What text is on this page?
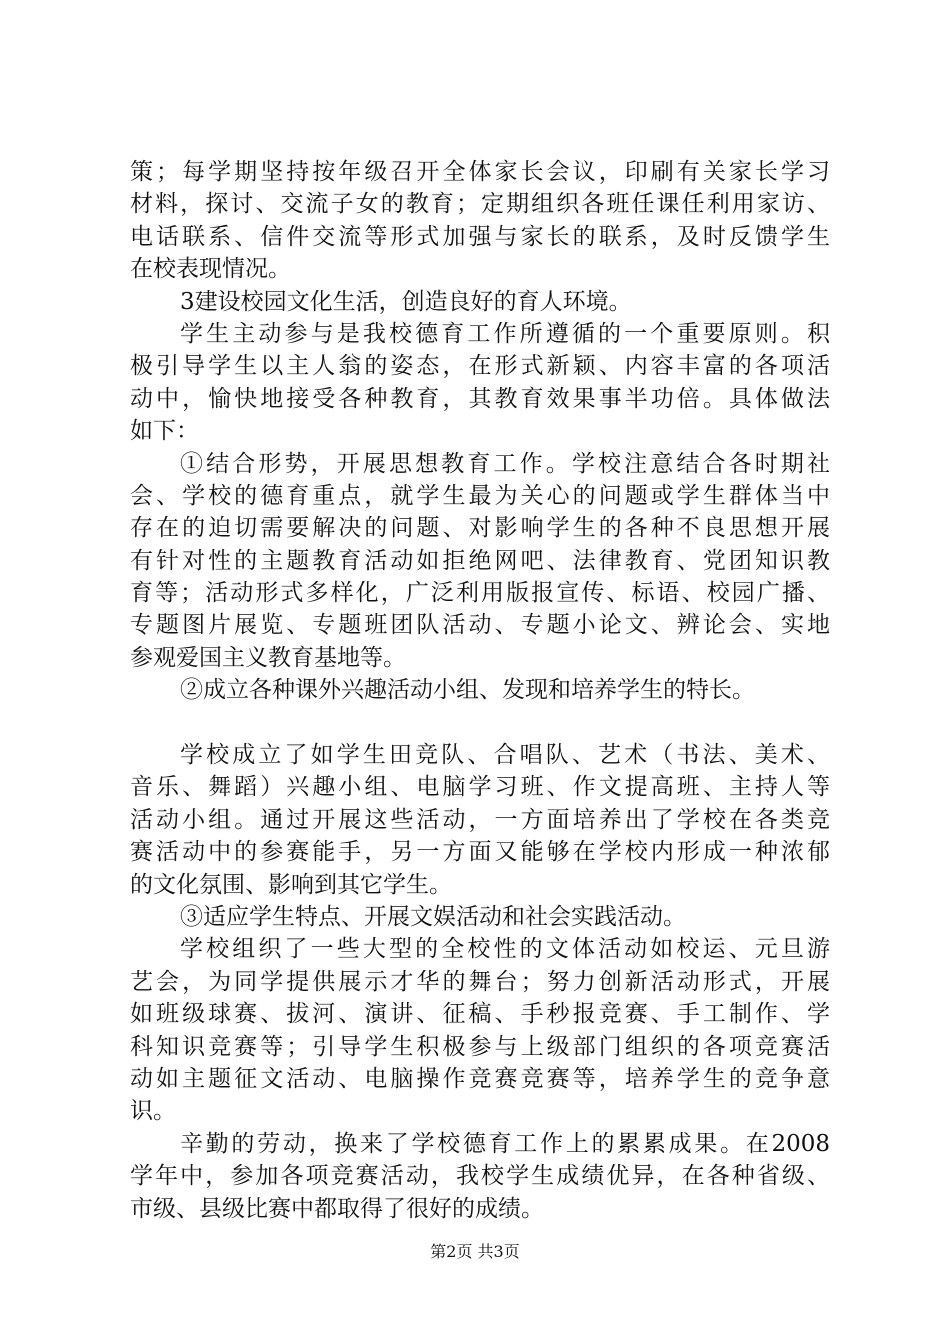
策；每学期坚持按年级召开全体家长会议，印刷有关家长学习
材料，探讨、交流子女的教育；定期组织各班任课任利用家访、
电话联系、信件交流等形式加强与家长的联系，及时反馈学生
在校表现情况。
3建设校园文化生活，创造良好的育人环境。
学生主动参与是我校德育工作所遵循的一个重要原则。积
极引导学生以主人翁的姿态，在形式新颖、内容丰富的各项活
动中，愉快地接受各种教育，其教育效果事半功倍。具体做法
如下：
①结合形势，开展思想教育工作。学校注意结合各时期社
会、学校的德育重点，就学生最为关心的问题或学生群体当中
存在的迫切需要解决的问题、对影响学生的各种不良思想开展
有针对性的主题教育活动如拒绝网吧、法律教育、党团知识教
育等；活动形式多样化，广泛利用版报宣传、标语、校园广播、
专题图片展览、专题班团队活动、专题小论文、辨论会、实地
参观爱国主义教育基地等。
②成立各种课外兴趣活动小组、发现和培养学生的特长。
学校成立了如学生田竞队、合唱队、艺术（书法、美术、
音乐、舞蹈）兴趣小组、电脑学习班、作文提高班、主持人等
活动小组。通过开展这些活动，一方面培养出了学校在各类竞
赛活动中的参赛能手，另一方面又能够在学校内形成一种浓郁
的文化氛围、影响到其它学生。
③适应学生特点、开展文娱活动和社会实践活动。
学校组织了一些大型的全校性的文体活动如校运、元旦游
艺会，为同学提供展示才华的舞台；努力创新活动形式，开展
如班级球赛、拔河、演讲、征稿、手秒报竞赛、手工制作、学
科知识竞赛等；引导学生积极参与上级部门组织的各项竞赛活
动如主题征文活动、电脑操作竞赛竞赛等，培养学生的竞争意
识。
辛勤的劳动，换来了学校德育工作上的累累成果。在2008
学年中，参加各项竞赛活动，我校学生成绩优异，在各种省级、
市级、县级比赛中都取得了很好的成绩。
第2页 共3页
